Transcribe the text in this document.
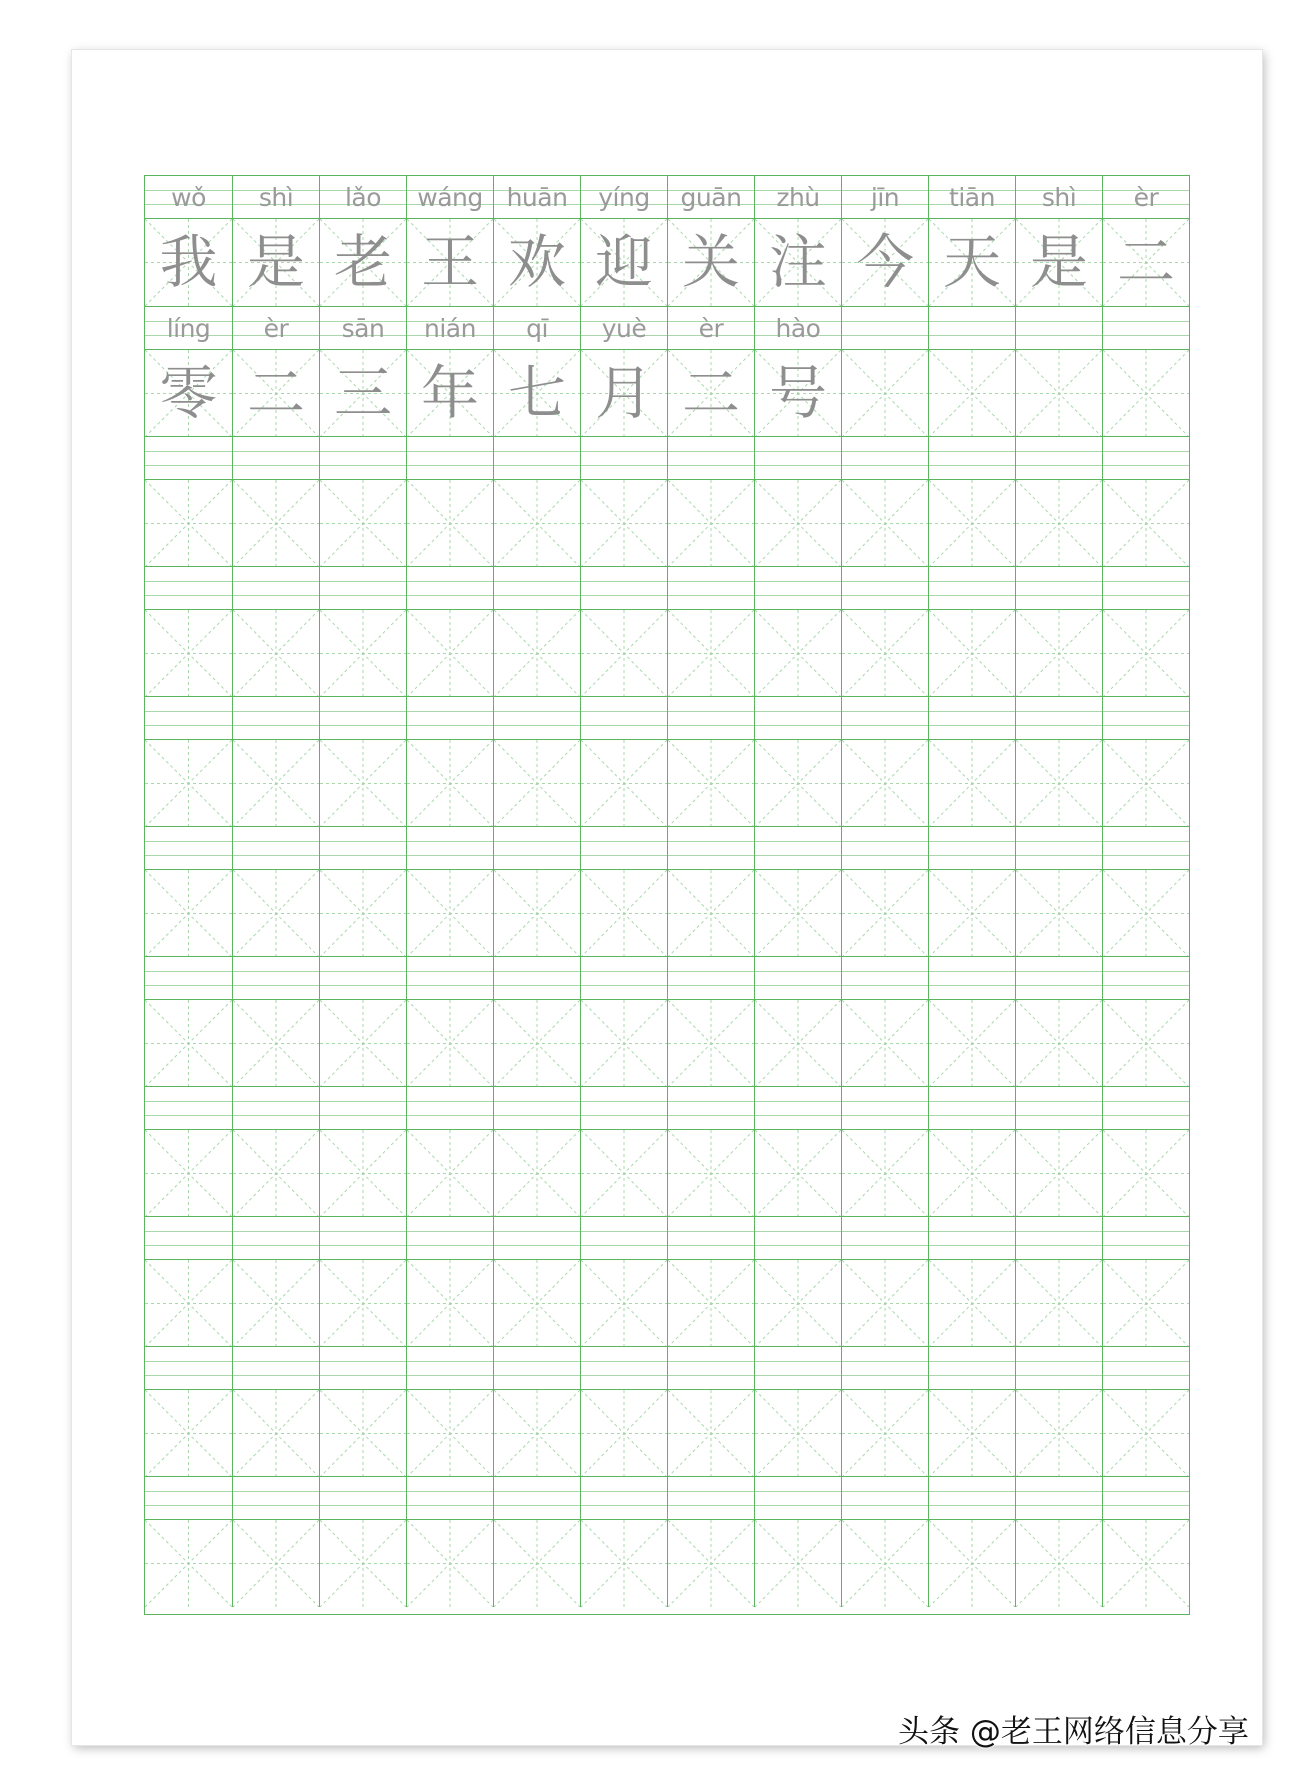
wǒ	shì	lǎo	wáng huān	yíng	guān	zhù	jīn	tiān	shì	èr
我 是 老 王 欢 迎 关 注 今 天 是 二
líng	èr	sān	nián	qī	yuè	èr	hào
零 二 三 年 七 月 二 号
头条 @老王网络信息分享
